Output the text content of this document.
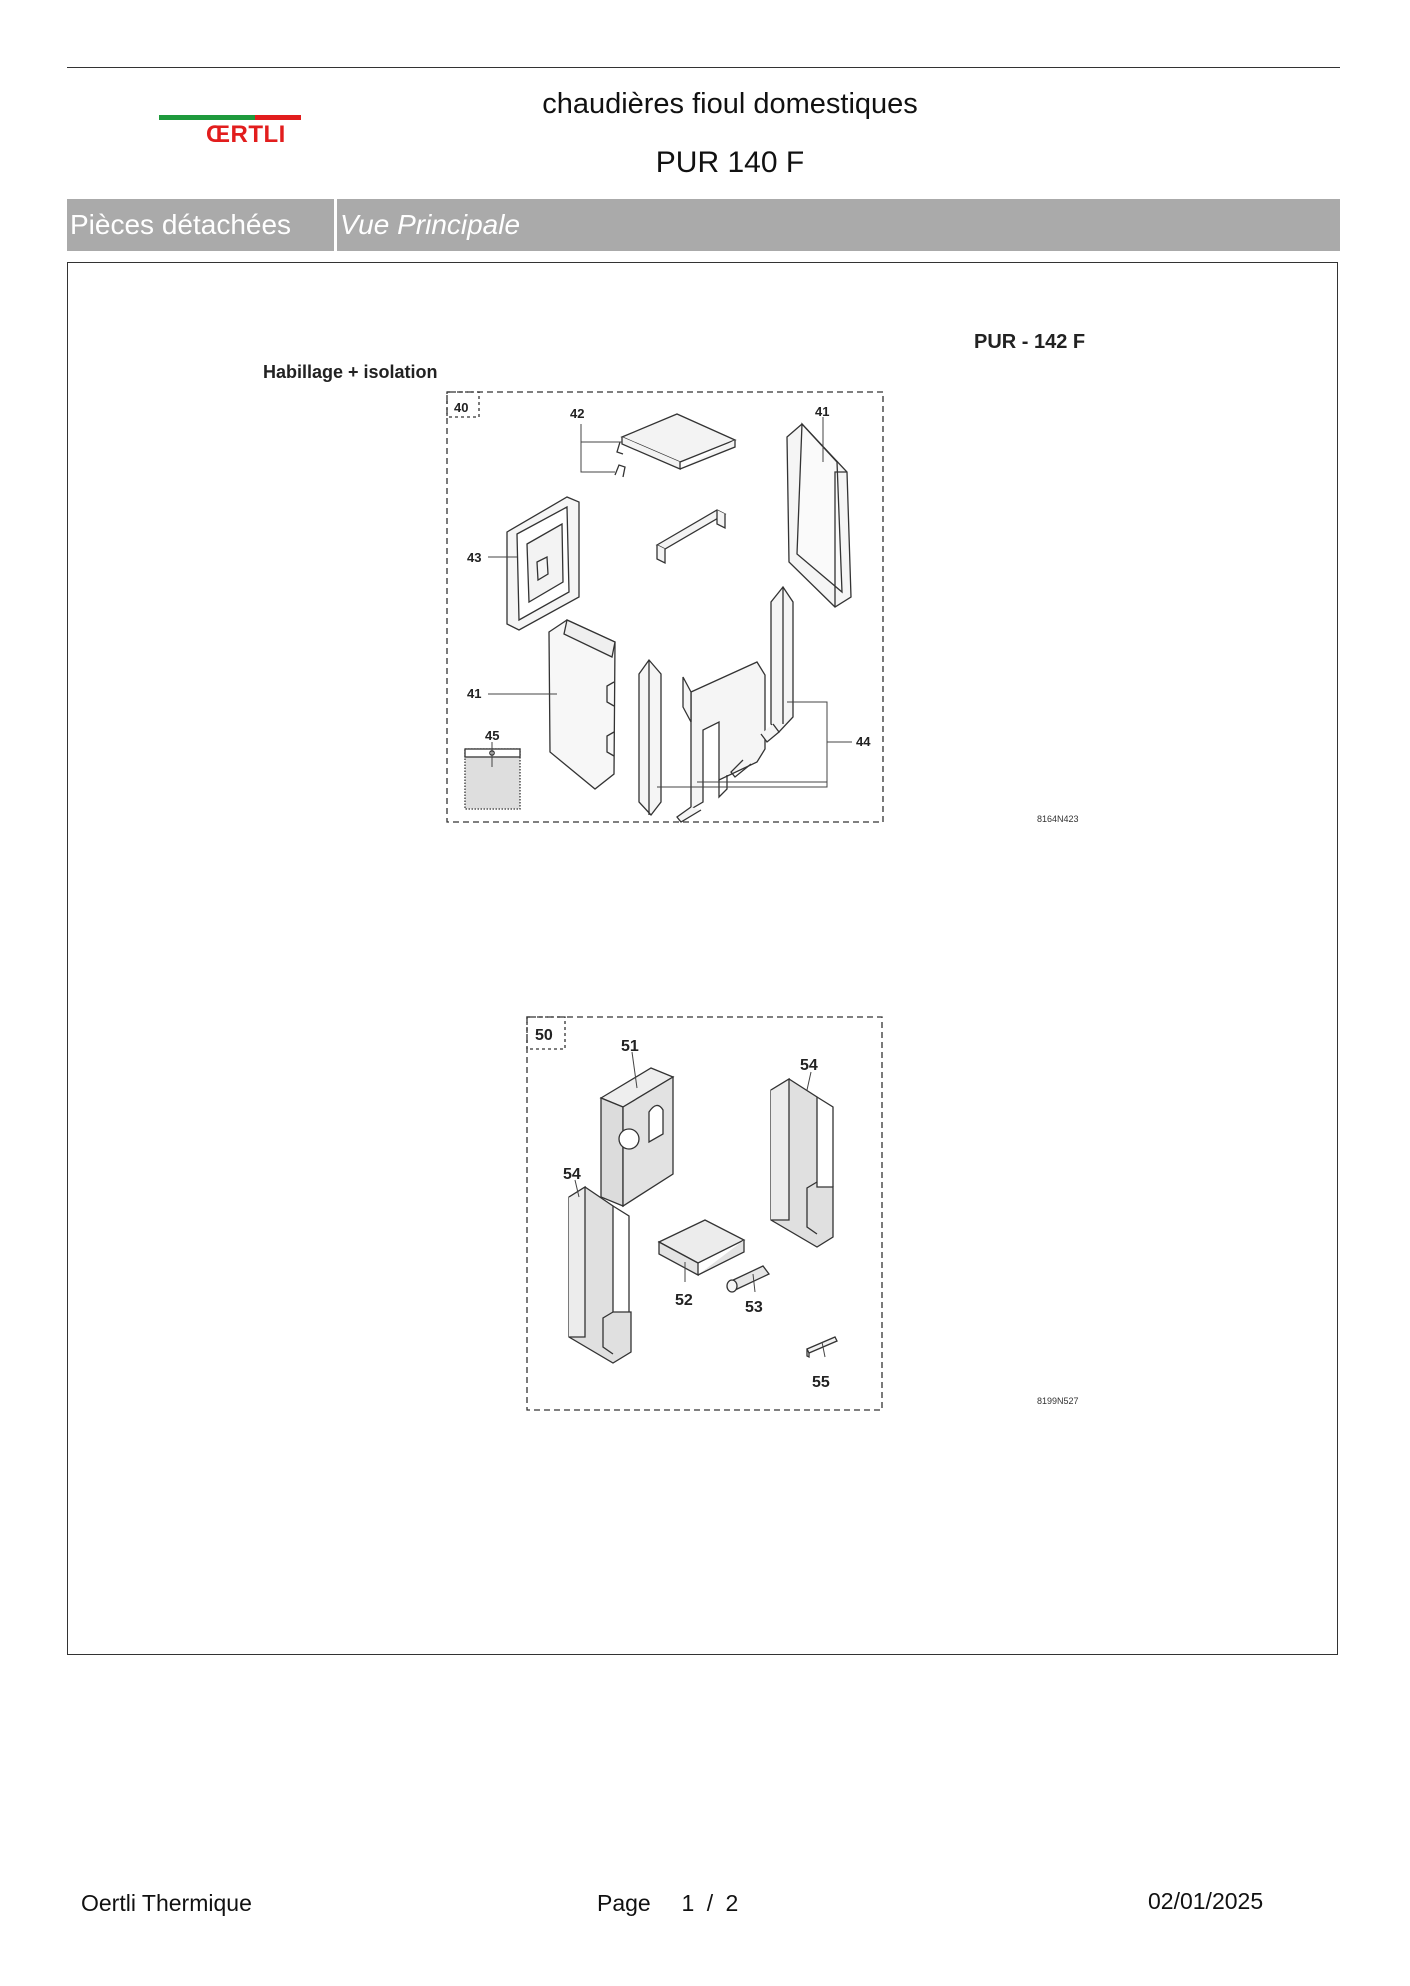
ŒRTLI
chaudières fioul domestiques
PUR 140 F
Pièces détachées	Vue Principale
PUR - 142 F
Habillage + isolation
40	42	41
43
41
45	44
8164N423
50
51
54
54
52	53
55
8199N527
Oertli Thermique	Page 1 / 2	02/01/2025
